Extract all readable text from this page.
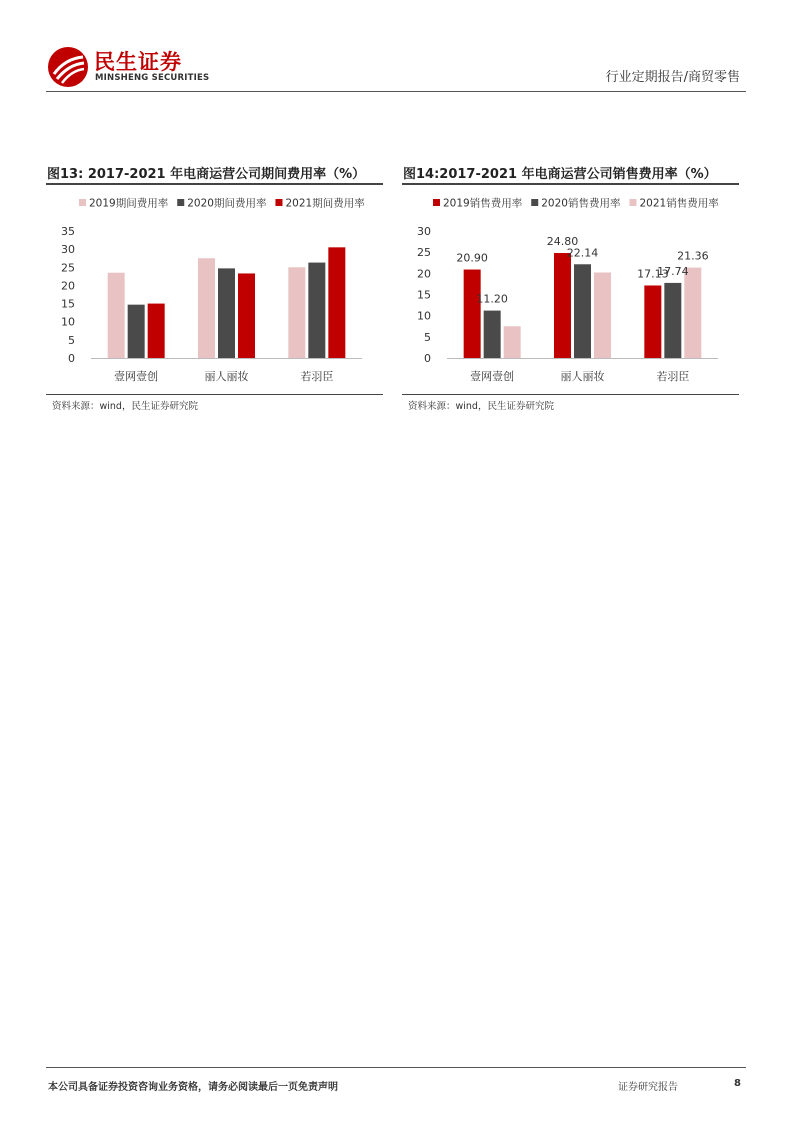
民生证券
MINSHENG SECURITIES	行业定期报告/商贸零售
图13: 2017-2021 年电商运营公司期间费用率（%）
2019期间费用率 2020期间费用率 2021期间费用率
0
5
10
15
20
25
30
35
壹网壹创	丽人丽妆	若羽臣
资料来源：wind，民生证券研究院
图14:2017-2021 年电商运营公司销售费用率（%）
2019销售费用率 2020销售费用率 2021销售费用率
0
5
10
15
20
25
30
壹网壹创	丽人丽妆	若羽臣
20.90
11.20
24.80
22.14
17.13
17.74
21.36
资料来源：wind，民生证券研究院
本公司具备证券投资咨询业务资格，请务必阅读最后一页免责声明	证券研究报告	8
